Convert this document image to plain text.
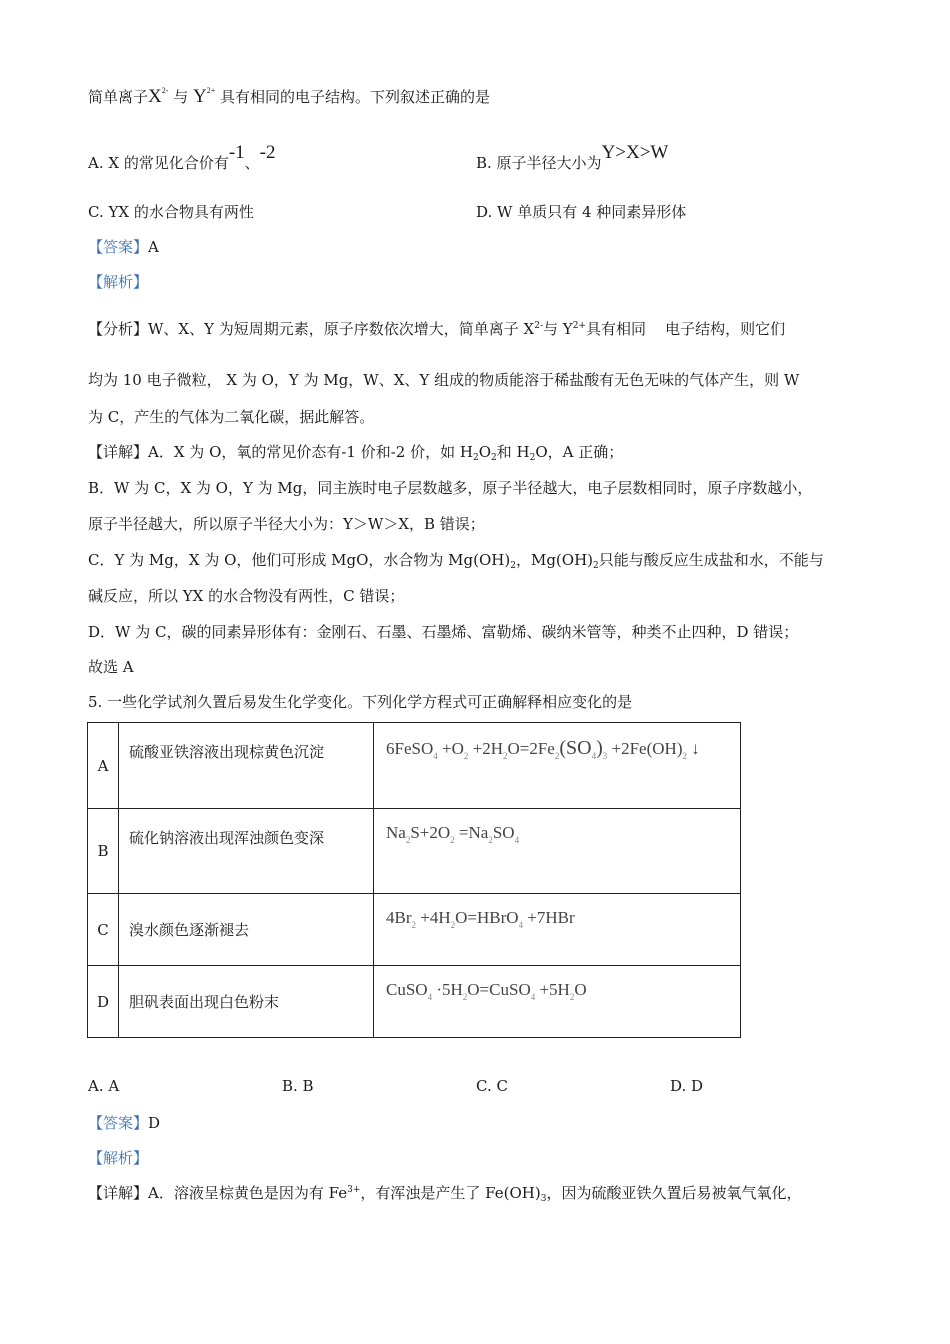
简单离子$X^{2-}$ 与 $Y^{2+}$ 具有相同的电子结构。下列叙述正确的是
A. X 的常见化合价有-1、-2	B. 原子半径大小为Y>X>W
C. YX 的水合物具有两性	D. W 单质只有 4 种同素异形体
【答案】A
【解析】
【分析】W、X、Y 为短周期元素，原子序数依次增大，简单离子 $X^{2-}$与 $Y^{2+}$具有相同 电子结构，则它们
均为 10 电子微粒， X 为 O，Y 为 Mg，W、X、Y 组成的物质能溶于稀盐酸有无色无味的气体产生，则 W
为 C，产生的气体为二氧化碳，据此解答。
【详解】A．X 为 O，氧的常见价态有-1 价和-2 价，如 $H_2O_2$和 $H_2O$，A 正确；
B．W 为 C，X 为 O，Y 为 Mg，同主族时电子层数越多，原子半径越大，电子层数相同时，原子序数越小，
原子半径越大，所以原子半径大小为：Y＞W＞X，B 错误；
C．Y 为 Mg，X 为 O，他们可形成 MgO，水合物为 $Mg(OH)_2$，$Mg(OH)_2$只能与酸反应生成盐和水，不能与
碱反应，所以 YX 的水合物没有两性，C 错误；
D．W 为 C，碳的同素异形体有：金刚石、石墨、石墨烯、富勒烯、碳纳米管等，种类不止四种，D 错误；
故选 A
5. 一些化学试剂久置后易发生化学变化。下列化学方程式可正确解释相应变化的是
A	硫酸亚铁溶液出现棕黄色沉淀	6FeSO$_4$ $+O_2 +2H_2O=2Fe_2(SO_4)_3 +2Fe(OH)_2$ ↓
B	硫化钠溶液出现浑浊颜色变深	$Na_2S+2O_2 =Na_2SO_4$
C	溴水颜色逐渐褪去	$4Br_2$ $+4H_2O=HBrO_4 +7HBr$
D	胆矾表面出现白色粉末	CuSO$_4$ $\cdot 5H_2O=CuSO_4 +5H_2O$
A. A	B. B	C. C	D. D
【答案】D
【解析】
【详解】A．溶液呈棕黄色是因为有 $Fe^{3+}$，有浑浊是产生了 $Fe(OH)_3$，因为硫酸亚铁久置后易被氧气氧化，
